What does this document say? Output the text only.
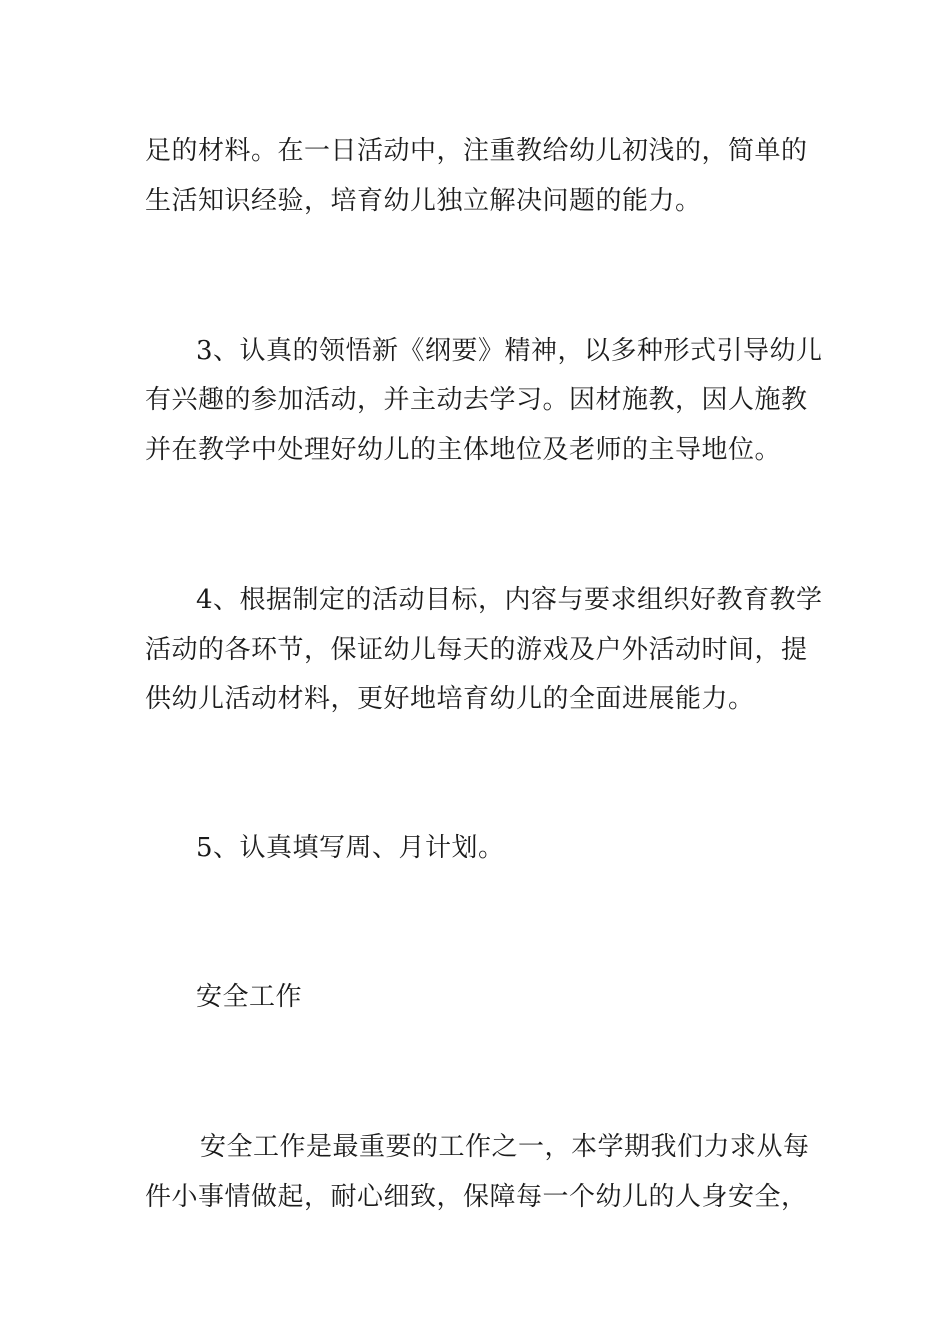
足的材料。在一日活动中，注重教给幼儿初浅的，简单的
生活知识经验，培育幼儿独立解决问题的能力。
3、认真的领悟新《纲要》精神，以多种形式引导幼儿
有兴趣的参加活动，并主动去学习。因材施教，因人施教
并在教学中处理好幼儿的主体地位及老师的主导地位。
4、根据制定的活动目标，内容与要求组织好教育教学
活动的各环节，保证幼儿每天的游戏及户外活动时间，提
供幼儿活动材料，更好地培育幼儿的全面进展能力。
5、认真填写周、月计划。
安全工作
安全工作是最重要的工作之一，本学期我们力求从每
件小事情做起，耐心细致，保障每一个幼儿的人身安全，
